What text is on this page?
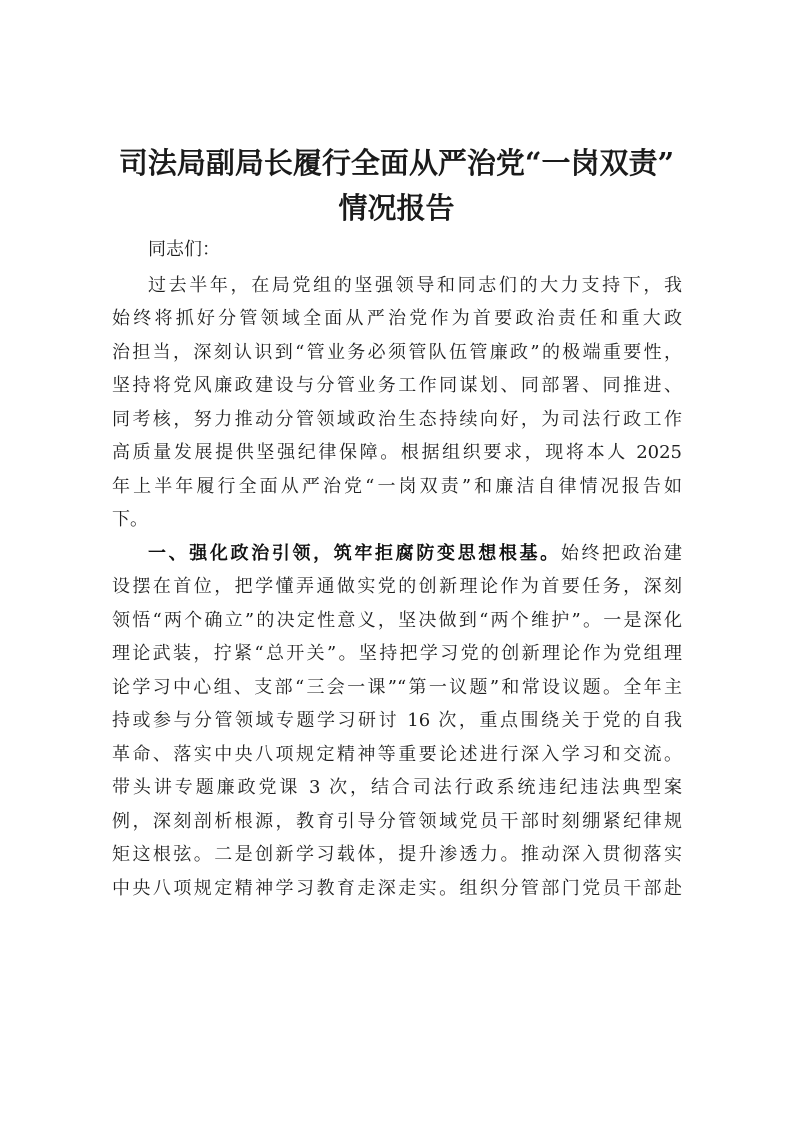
司法局副局长履行全面从严治党“一岗双责”
情况报告
同志们：
过去半年，在局党组的坚强领导和同志们的大力支持下，我
始终将抓好分管领域全面从严治党作为首要政治责任和重大政
治担当，深刻认识到“管业务必须管队伍管廉政”的极端重要性，
坚持将党风廉政建设与分管业务工作同谋划、同部署、同推进、
同考核，努力推动分管领域政治生态持续向好，为司法行政工作
高质量发展提供坚强纪律保障。根据组织要求，现将本人 2025
年上半年履行全面从严治党“一岗双责”和廉洁自律情况报告如
下。
一、强化政治引领，筑牢拒腐防变思想根基。始终把政治建
设摆在首位，把学懂弄通做实党的创新理论作为首要任务，深刻
领悟“两个确立”的决定性意义，坚决做到“两个维护”。一是深化
理论武装，拧紧“总开关”。坚持把学习党的创新理论作为党组理
论学习中心组、支部“三会一课”“第一议题”和常设议题。全年主
持或参与分管领域专题学习研讨 16 次，重点围绕关于党的自我
革命、落实中央八项规定精神等重要论述进行深入学习和交流。
带头讲专题廉政党课 3 次，结合司法行政系统违纪违法典型案
例，深刻剖析根源，教育引导分管领域党员干部时刻绷紧纪律规
矩这根弦。二是创新学习载体，提升渗透力。推动深入贯彻落实
中央八项规定精神学习教育走深走实。组织分管部门党员干部赴
